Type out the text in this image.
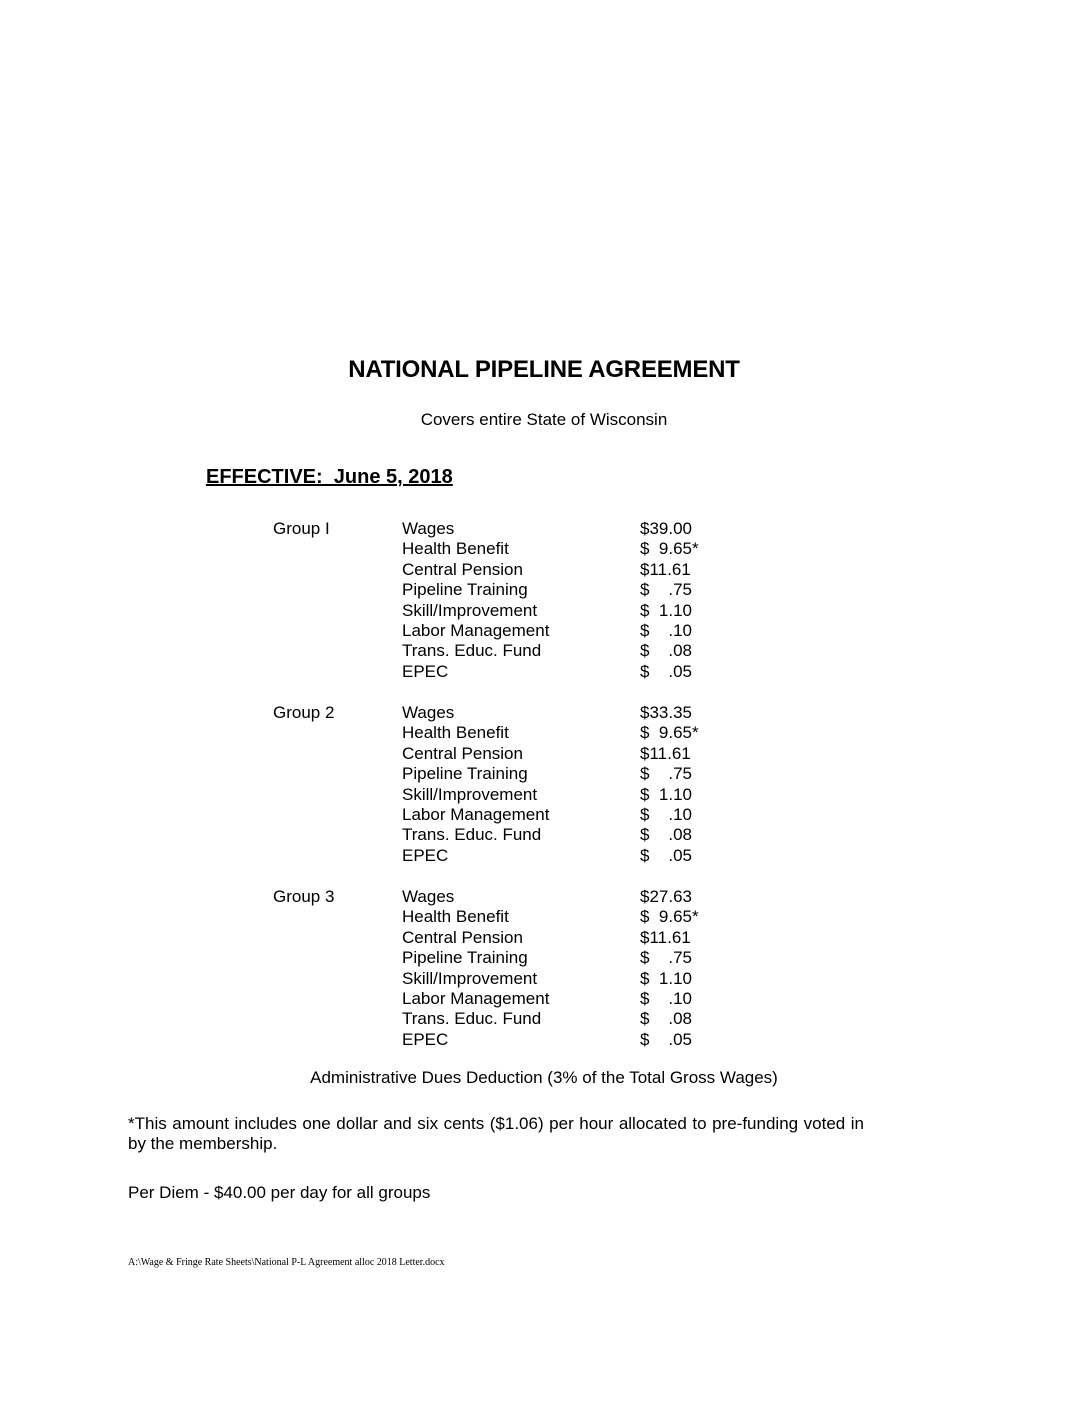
NATIONAL PIPELINE AGREEMENT
Covers entire State of Wisconsin
EFFECTIVE:  June 5, 2018
Group I	Wages	$39.00
Health Benefit	$  9.65*
Central Pension	$11.61
Pipeline Training	$    .75
Skill/Improvement	$  1.10
Labor Management	$    .10
Trans. Educ. Fund	$    .08
EPEC	$    .05
Group 2	Wages	$33.35
Health Benefit	$  9.65*
Central Pension	$11.61
Pipeline Training	$    .75
Skill/Improvement	$  1.10
Labor Management	$    .10
Trans. Educ. Fund	$    .08
EPEC	$    .05
Group 3	Wages	$27.63
Health Benefit	$  9.65*
Central Pension	$11.61
Pipeline Training	$    .75
Skill/Improvement	$  1.10
Labor Management	$    .10
Trans. Educ. Fund	$    .08
EPEC	$    .05
Administrative Dues Deduction (3% of the Total Gross Wages)
*This amount includes one dollar and six cents ($1.06) per hour allocated to pre-funding voted in by the membership.
Per Diem - $40.00 per day for all groups
A:\Wage & Fringe Rate Sheets\National P-L Agreement alloc 2018 Letter.docx
